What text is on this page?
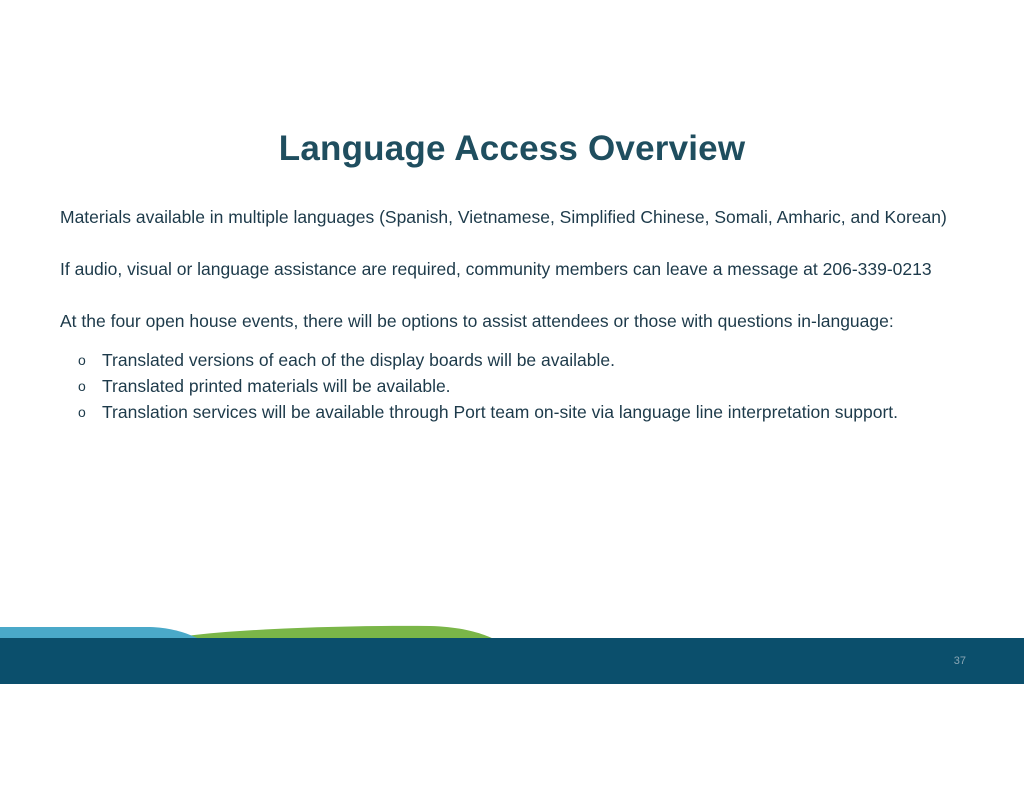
Language Access Overview

Materials available in multiple languages (Spanish, Vietnamese, Simplified Chinese, Somali, Amharic, and Korean)

If audio, visual or language assistance are required, community members can leave a message at 206-339-0213

At the four open house events, there will be options to assist attendees or those with questions in-language:

o Translated versions of each of the display boards will be available.
o Translated printed materials will be available.
o Translation services will be available through Port team on-site via language line interpretation support.
37
